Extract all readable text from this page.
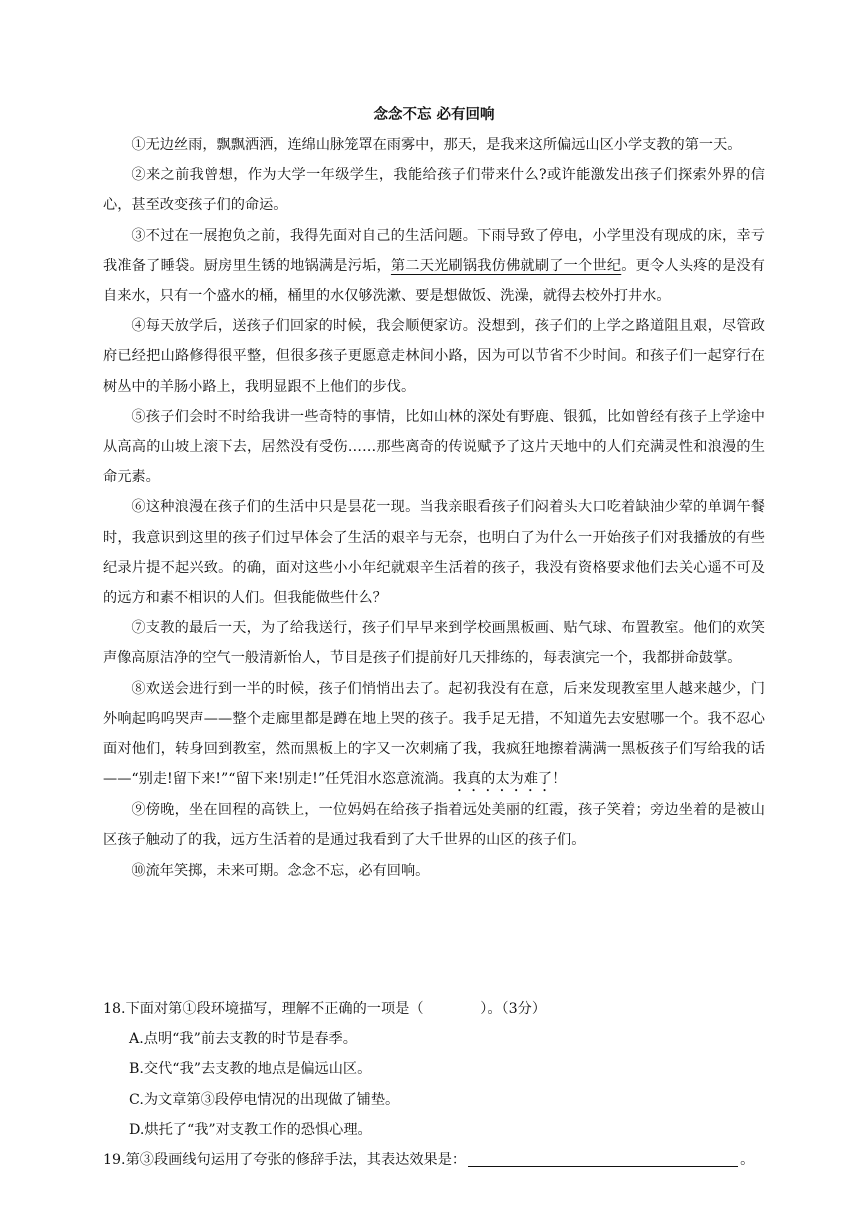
念念不忘 必有回响

①无边丝雨，飘飘洒洒，连绵山脉笼罩在雨雾中，那天，是我来这所偏远山区小学支教的第一天。

②来之前我曾想，作为大学一年级学生，我能给孩子们带来什么?或许能激发出孩子们探索外界的信心，甚至改变孩子们的命运。

③不过在一展抱负之前，我得先面对自己的生活问题。下雨导致了停电，小学里没有现成的床，幸亏我准备了睡袋。厨房里生锈的地锅满是污垢，第二天光刷锅我仿佛就刷了一个世纪。更令人头疼的是没有自来水，只有一个盛水的桶，桶里的水仅够洗漱、要是想做饭、洗澡，就得去校外打井水。

④每天放学后，送孩子们回家的时候，我会顺便家访。没想到，孩子们的上学之路道阻且艰，尽管政府已经把山路修得很平整，但很多孩子更愿意走林间小路，因为可以节省不少时间。和孩子们一起穿行在树丛中的羊肠小路上，我明显跟不上他们的步伐。

⑤孩子们会时不时给我讲一些奇特的事情，比如山林的深处有野鹿、银狐，比如曾经有孩子上学途中从高高的山坡上滚下去，居然没有受伤……那些离奇的传说赋予了这片天地中的人们充满灵性和浪漫的生命元素。

⑥这种浪漫在孩子们的生活中只是昙花一现。当我亲眼看孩子们闷着头大口吃着缺油少荤的单调午餐时，我意识到这里的孩子们过早体会了生活的艰辛与无奈，也明白了为什么一开始孩子们对我播放的有些纪录片提不起兴致。的确，面对这些小小年纪就艰辛生活着的孩子，我没有资格要求他们去关心遥不可及的远方和素不相识的人们。但我能做些什么？

⑦支教的最后一天，为了给我送行，孩子们早早来到学校画黑板画、贴气球、布置教室。他们的欢笑声像高原洁净的空气一般清新怡人，节目是孩子们提前好几天排练的，每表演完一个，我都拼命鼓掌。

⑧欢送会进行到一半的时候，孩子们悄悄出去了。起初我没有在意，后来发现教室里人越来越少，门外响起呜呜哭声——整个走廊里都是蹲在地上哭的孩子。我手足无措，不知道先去安慰哪一个。我不忍心面对他们，转身回到教室，然而黑板上的字又一次刺痛了我，我疯狂地擦着满满一黑板孩子们写给我的话——“别走!留下来!”“留下来!别走!”任凭泪水恣意流淌。我真的太为难了！

⑨傍晚，坐在回程的高铁上，一位妈妈在给孩子指着远处美丽的红霞，孩子笑着；旁边坐着的是被山区孩子触动了的我，远方生活着的是通过我看到了大千世界的山区的孩子们。

⑩流年笑掷，未来可期。念念不忘，必有回响。

18.下面对第①段环境描写，理解不正确的一项是（　　　　）。（3分）

A.点明“我”前去支教的时节是春季。

B.交代“我”去支教的地点是偏远山区。

C.为文章第③段停电情况的出现做了铺垫。

D.烘托了“我”对支教工作的恐惧心理。

19.第③段画线句运用了夸张的修辞手法，其表达效果是：	。
